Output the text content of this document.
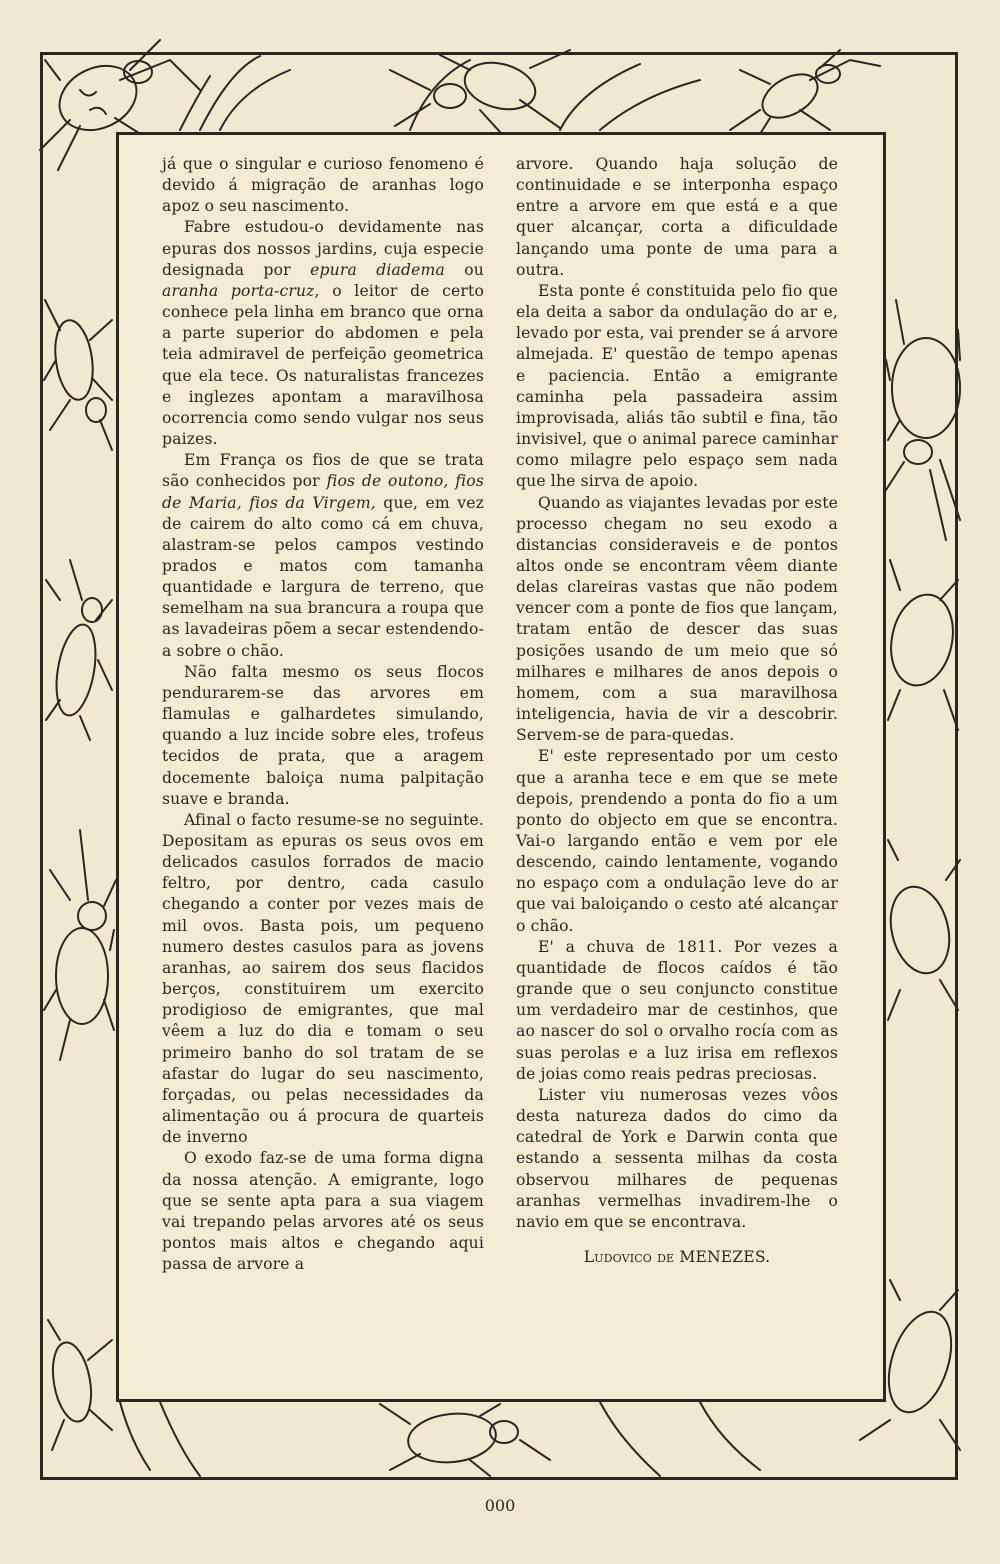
já que o singular e curioso fenomeno é devido á migração de aranhas logo apoz o seu nascimento.

Fabre estudou-o devidamente nas epuras dos nossos jardins, cuja especie designada por epura diadema ou aranha porta-cruz, o leitor de certo conhece pela linha em branco que orna a parte superior do abdomen e pela teia admiravel de perfeição geometrica que ela tece. Os naturalistas francezes e inglezes apontam a maravilhosa ocorrencia como sendo vulgar nos seus paizes.

Em França os fios de que se trata são conhecidos por fios de outono, fios de Maria, fios da Virgem, que, em vez de cairem do alto como cá em chuva, alastram-se pelos campos vestindo prados e matos com tamanha quantidade e largura de terreno, que semelham na sua brancura a roupa que as lavadeiras põem a secar estendendo-a sobre o chão.

Não falta mesmo os seus flocos pendurarem-se das arvores em flamulas e galhardetes simulando, quando a luz incide sobre eles, trofeus tecidos de prata, que a aragem docemente baloiça numa palpitação suave e branda.

Afinal o facto resume-se no seguinte. Depositam as epuras os seus ovos em delicados casulos forrados de macio feltro, por dentro, cada casulo chegando a conter por vezes mais de mil ovos. Basta pois, um pequeno numero destes casulos para as jovens aranhas, ao sairem dos seus flacidos berços, constituirem um exercito prodigioso de emigrantes, que mal vêem a luz do dia e tomam o seu primeiro banho do sol tratam de se afastar do lugar do seu nascimento, forçadas, ou pelas necessidades da alimentação ou á procura de quarteis de inverno

O exodo faz-se de uma forma digna da nossa atenção. A emigrante, logo que se sente apta para a sua viagem vai trepando pelas arvores até os seus pontos mais altos e chegando aqui passa de arvore a

arvore. Quando haja solução de continuidade e se interponha espaço entre a arvore em que está e a que quer alcançar, corta a dificuldade lançando uma ponte de uma para a outra.

Esta ponte é constituida pelo fio que ela deita a sabor da ondulação do ar e, levado por esta, vai prender se á arvore almejada. E' questão de tempo apenas e paciencia. Então a emigrante caminha pela passadeira assim improvisada, aliás tão subtil e fina, tão invisivel, que o animal parece caminhar como milagre pelo espaço sem nada que lhe sirva de apoio.

Quando as viajantes levadas por este processo chegam no seu exodo a distancias consideraveis e de pontos altos onde se encontram vêem diante delas clareiras vastas que não podem vencer com a ponte de fios que lançam, tratam então de descer das suas posições usando de um meio que só milhares e milhares de anos depois o homem, com a sua maravilhosa inteligencia, havia de vir a descobrir. Servem-se de para-quedas.

E' este representado por um cesto que a aranha tece e em que se mete depois, prendendo a ponta do fio a um ponto do objecto em que se encontra. Vai-o largando então e vem por ele descendo, caindo lentamente, vogando no espaço com a ondulação leve do ar que vai baloiçando o cesto até alcançar o chão.

E' a chuva de 1811. Por vezes a quantidade de flocos caídos é tão grande que o seu conjuncto constitue um verdadeiro mar de cestinhos, que ao nascer do sol o orvalho rocía com as suas perolas e a luz irisa em reflexos de joias como reais pedras preciosas.

Lister viu numerosas vezes vôos desta natureza dados do cimo da catedral de York e Darwin conta que estando a sessenta milhas da costa observou milhares de pequenas aranhas vermelhas invadirem-lhe o navio em que se encontrava.

Ludovico de MENEZES.

000
